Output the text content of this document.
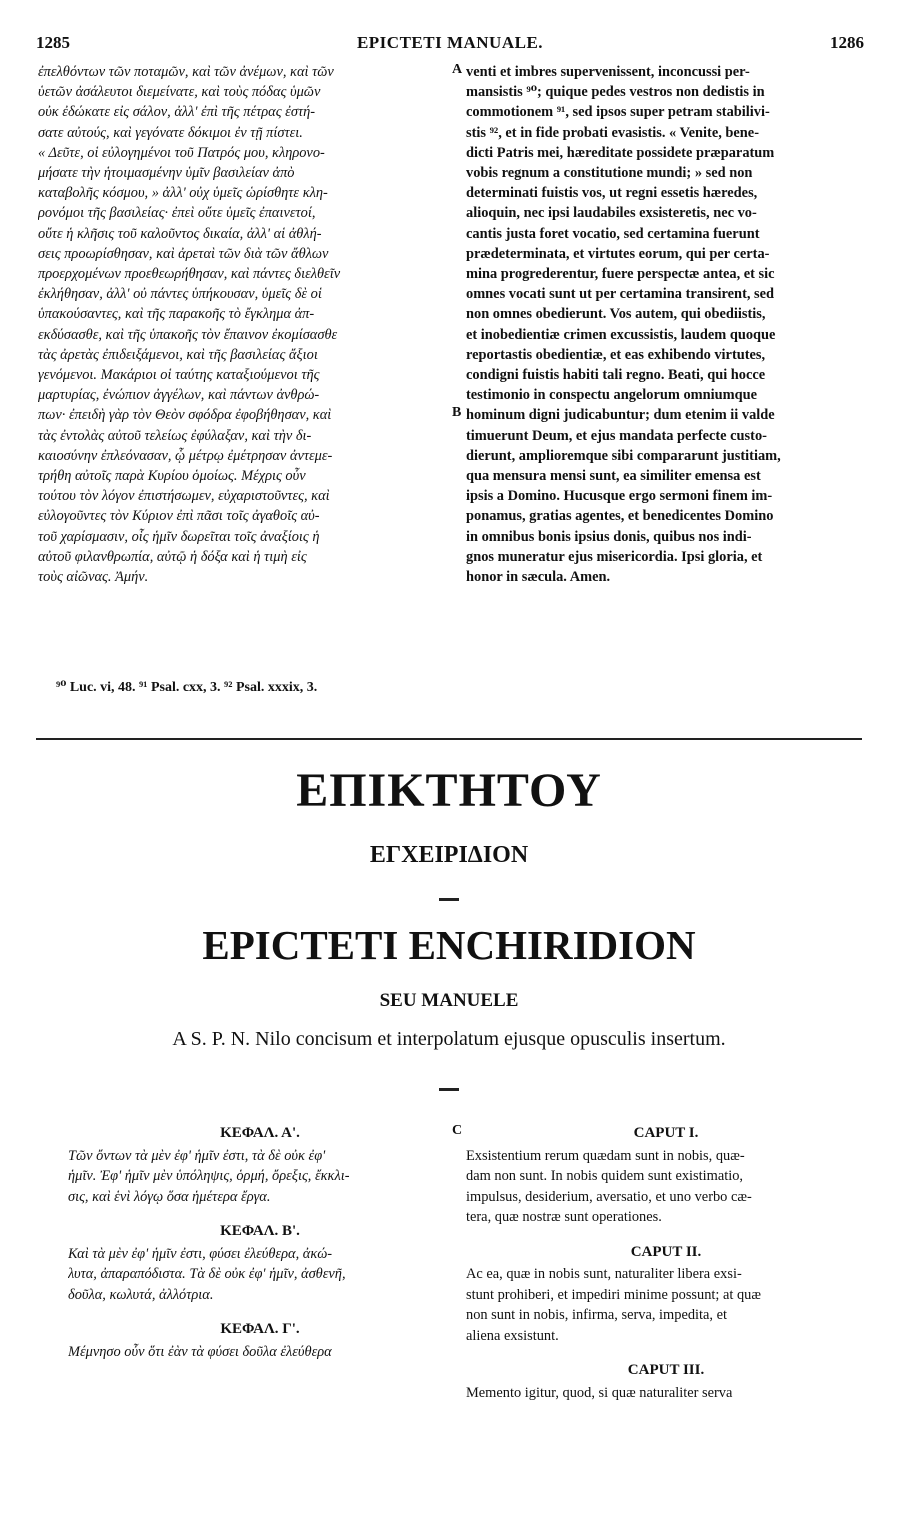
1285	EPICTETI MANUALE.	1286
ἐπελθόντων τῶν ποταμῶν, καὶ τῶν ἀνέμων, καὶ τῶν
ὑετῶν ἀσάλευτοι διεμείνατε, καὶ τοὺς πόδας ὑμῶν
οὐκ ἐδώκατε εἰς σάλον, ἀλλ' ἐπὶ τῆς πέτρας ἐστή-
σατε αὐτούς, καὶ γεγόνατε δόκιμοι ἐν τῇ πίστει.
« Δεῦτε, οἱ εὐλογημένοι τοῦ Πατρός μου, κληρονο-
μήσατε τὴν ἡτοιμασμένην ὑμῖν βασιλείαν ἀπὸ
καταβολῆς κόσμου, » ἀλλ' οὐχ ὑμεῖς ὡρίσθητε κλη-
ρονόμοι τῆς βασιλείας· ἐπεὶ οὔτε ὑμεῖς ἐπαινετοί,
οὔτε ἡ κλῆσις τοῦ καλοῦντος δικαία, ἀλλ' αἱ ἀθλή-
σεις προωρίσθησαν, καὶ ἀρεταὶ τῶν διὰ τῶν ἄθλων
προερχομένων προεθεωρήθησαν, καὶ πάντες διελθεῖν
ἐκλήθησαν, ἀλλ' οὐ πάντες ὑπήκουσαν, ὑμεῖς δὲ οἱ
ὑπακούσαντες, καὶ τῆς παρακοῆς τὸ ἔγκλημα ἀπ-
εκδύσασθε, καὶ τῆς ὑπακοῆς τὸν ἔπαινον ἐκομίσασθε
τὰς ἀρετὰς ἐπιδειξάμενοι, καὶ τῆς βασιλείας ἄξιοι
γενόμενοι. Μακάριοι οἱ ταύτης καταξιούμενοι τῆς
μαρτυρίας, ἐνώπιον ἀγγέλων, καὶ πάντων ἀνθρώ-
πων· ἐπειδὴ γὰρ τὸν Θεὸν σφόδρα ἐφοβήθησαν, καὶ
τὰς ἐντολὰς αὐτοῦ τελείως ἐφύλαξαν, καὶ τὴν δι-
καιοσύνην ἐπλεόνασαν, ᾧ μέτρῳ ἐμέτρησαν ἀντεμε-
τρήθη αὐτοῖς παρὰ Κυρίου ὁμοίως. Μέχρις οὖν
τούτου τὸν λόγον ἐπιστήσωμεν, εὐχαριστοῦντες, καὶ
εὐλογοῦντες τὸν Κύριον ἐπὶ πᾶσι τοῖς ἀγαθοῖς αὐ-
τοῦ χαρίσμασιν, οἷς ἡμῖν δωρεῖται τοῖς ἀναξίοις ἡ
αὐτοῦ φιλανθρωπία, αὐτῷ ἡ δόξα καὶ ἡ τιμὴ εἰς
τοὺς αἰῶνας. Ἀμήν.
A
B
venti et imbres supervenissent, inconcussi per-
mansistis ⁹⁰; quique pedes vestros non dedistis in
commotionem ⁹¹, sed ipsos super petram stabilivi-
stis ⁹², et in fide probati evasistis. « Venite, bene-
dicti Patris mei, hæreditate possidete præparatum
vobis regnum a constitutione mundi; » sed non
determinati fuistis vos, ut regni essetis hæredes,
alioquin, nec ipsi laudabiles exsisteretis, nec vo-
cantis justa foret vocatio, sed certamina fuerunt
prædeterminata, et virtutes eorum, qui per certa-
mina progrederentur, fuere perspectæ antea, et sic
omnes vocati sunt ut per certamina transirent, sed
non omnes obedierunt. Vos autem, qui obediistis,
et inobedientiæ crimen excussistis, laudem quoque
reportastis obedientiæ, et eas exhibendo virtutes,
condigni fuistis habiti tali regno. Beati, qui hocce
testimonio in conspectu angelorum omniumque
hominum digni judicabuntur; dum etenim ii valde
timuerunt Deum, et ejus mandata perfecte custo-
dierunt, amplioremque sibi compararunt justitiam,
qua mensura mensi sunt, ea similiter emensa est
ipsis a Domino. Hucusque ergo sermoni finem im-
ponamus, gratias agentes, et benedicentes Domino
in omnibus bonis ipsius donis, quibus nos indi-
gnos muneratur ejus misericordia. Ipsi gloria, et
honor in sæcula. Amen.
⁹⁰ Luc. vi, 48. ⁹¹ Psal. cxx, 3. ⁹² Psal. xxxix, 3.
ΕΠΙΚΤΗΤΟΥ
ΕΓΧΕΙΡΙΔΙΟΝ
EPICTETI ENCHIRIDION
SEU MANUELE
A S. P. N. Nilo concisum et interpolatum ejusque opusculis insertum.
C
ΚΕΦΑΛ. Α'.
Τῶν ὄντων τὰ μὲν ἐφ' ἡμῖν ἐστι, τὰ δὲ οὐκ ἐφ'
ἡμῖν. Ἐφ' ἡμῖν μὲν ὑπόληψις, ὁρμή, ὄρεξις, ἔκκλι-
σις, καὶ ἑνὶ λόγῳ ὅσα ἡμέτερα ἔργα.
ΚΕΦΑΛ. Β'.
Καὶ τὰ μὲν ἐφ' ἡμῖν ἐστι, φύσει ἐλεύθερα, ἀκώ-
λυτα, ἀπαραπόδιστα. Τὰ δὲ οὐκ ἐφ' ἡμῖν, ἀσθενῆ,
δοῦλα, κωλυτά, ἀλλότρια.
ΚΕΦΑΛ. Γ'.
Μέμνησο οὖν ὅτι ἐὰν τὰ φύσει δοῦλα ἐλεύθερα
CAPUT I.
Exsistentium rerum quædam sunt in nobis, quæ-
dam non sunt. In nobis quidem sunt existimatio,
impulsus, desiderium, aversatio, et uno verbo cæ-
tera, quæ nostræ sunt operationes.
CAPUT II.
Ac ea, quæ in nobis sunt, naturaliter libera exsi-
stunt prohiberi, et impediri minime possunt; at quæ
non sunt in nobis, infirma, serva, impedita, et
aliena exsistunt.
CAPUT III.
Memento igitur, quod, si quæ naturaliter serva
